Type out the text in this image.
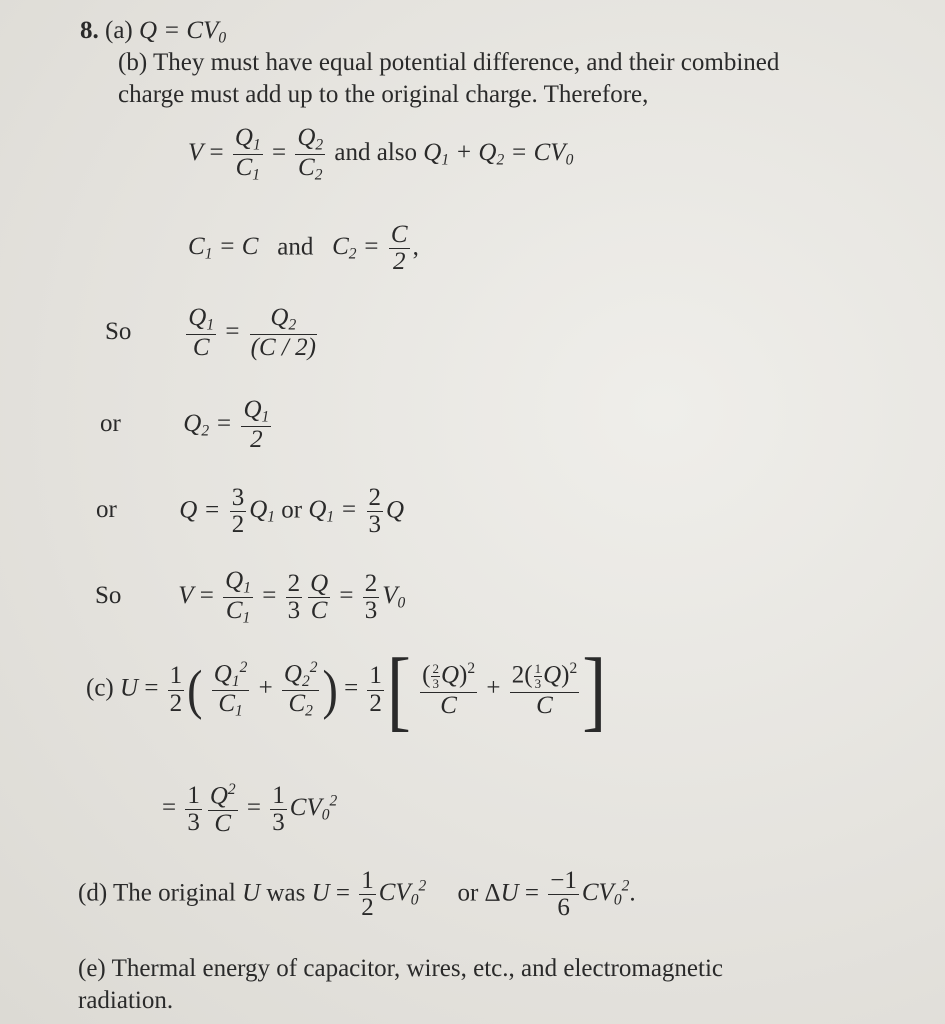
8. (a) $Q = CV_0$
(b) They must have equal potential difference, and their combined
charge must add up to the original charge. Therefore,
$V = \frac{Q_1}{C_1} = \frac{Q_2}{C_2}$ and also $Q_1 + Q_2 = CV_0$
$C_1 = C$ and $C_2 = \frac{C}{2}$ ,
So $\frac{Q_1}{C} = \frac{Q_2}{(C / 2)}$
or $Q_2 = \frac{Q_1}{2}$
or $Q = \frac{3}{2} Q_1$ or $Q_1 = \frac{2}{3}$ Q
So $V = \frac{Q_1}{C_1} = \frac{2}{3} \frac{Q}{C} = \frac{2}{3} V_0$
(c) $U = \frac{1}{2}$ ( $\frac{Q_1^2}{C_1} + \frac{Q_2^2}{C_2}$ ) = $\frac{1}{2}$ [ $\frac{( \frac{2}{3} Q)^2}{C} + \frac{2( \frac{1}{3} Q)^2}{C}$ ]
= $\frac{1}{3} \frac{Q^2}{C} = \frac{1}{3} CV_0^2$
(d) The original U was $U = \frac{1}{2} CV_0^2$ or $\Delta U = \frac{-1}{6} CV_0^2$.
(e) Thermal energy of capacitor, wires, etc., and electromagnetic
radiation.
